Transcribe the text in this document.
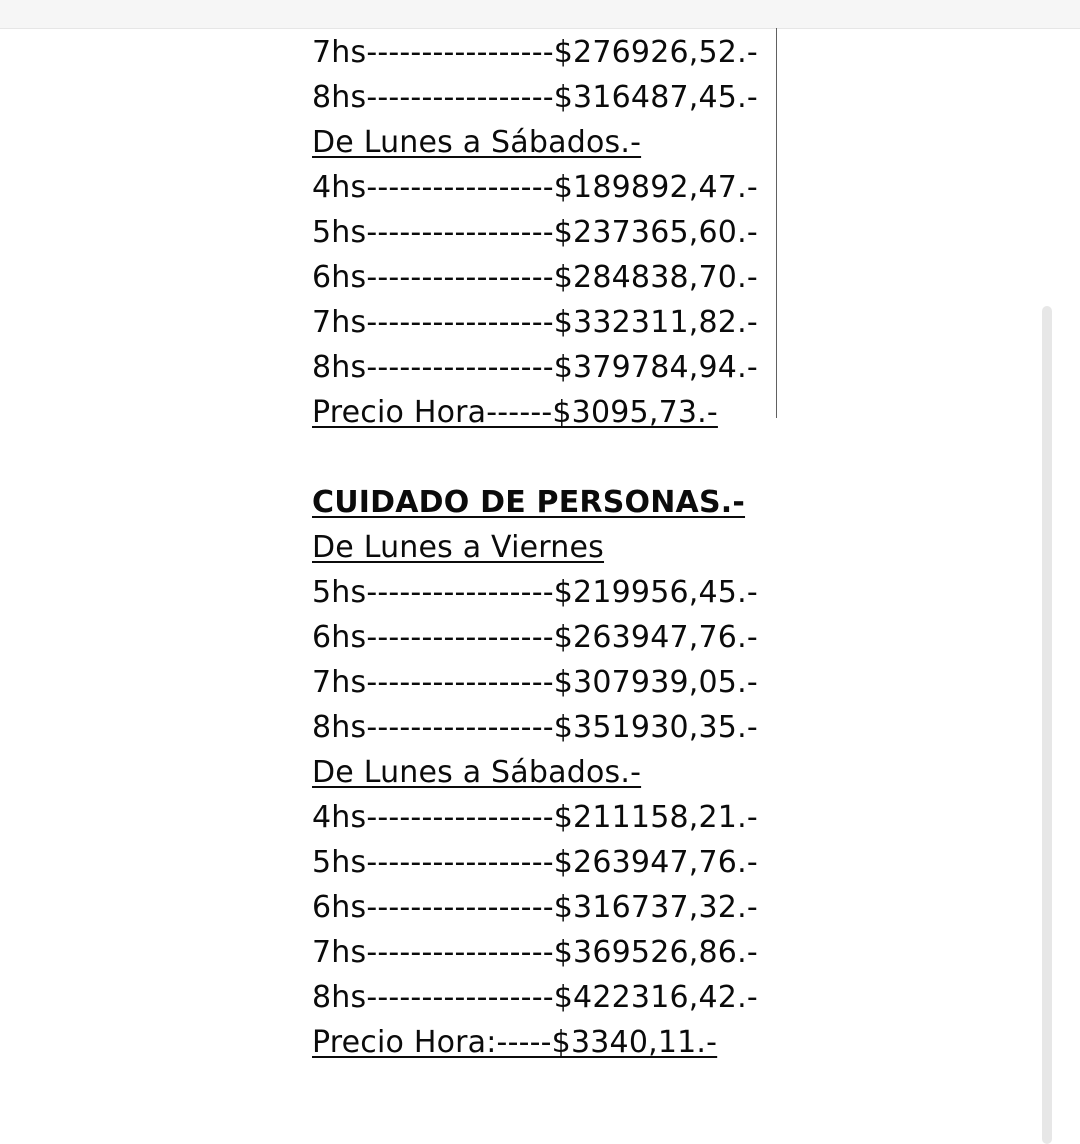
7hs-----------------$276926,52.-
8hs-----------------$316487,45.-
De Lunes a Sábados.-
4hs-----------------$189892,47.-
5hs-----------------$237365,60.-
6hs-----------------$284838,70.-
7hs-----------------$332311,82.-
8hs-----------------$379784,94.-
Precio Hora------$3095,73.-
CUIDADO DE PERSONAS.-
De Lunes a Viernes
5hs-----------------$219956,45.-
6hs-----------------$263947,76.-
7hs-----------------$307939,05.-
8hs-----------------$351930,35.-
De Lunes a Sábados.-
4hs-----------------$211158,21.-
5hs-----------------$263947,76.-
6hs-----------------$316737,32.-
7hs-----------------$369526,86.-
8hs-----------------$422316,42.-
Precio Hora:-----$3340,11.-
